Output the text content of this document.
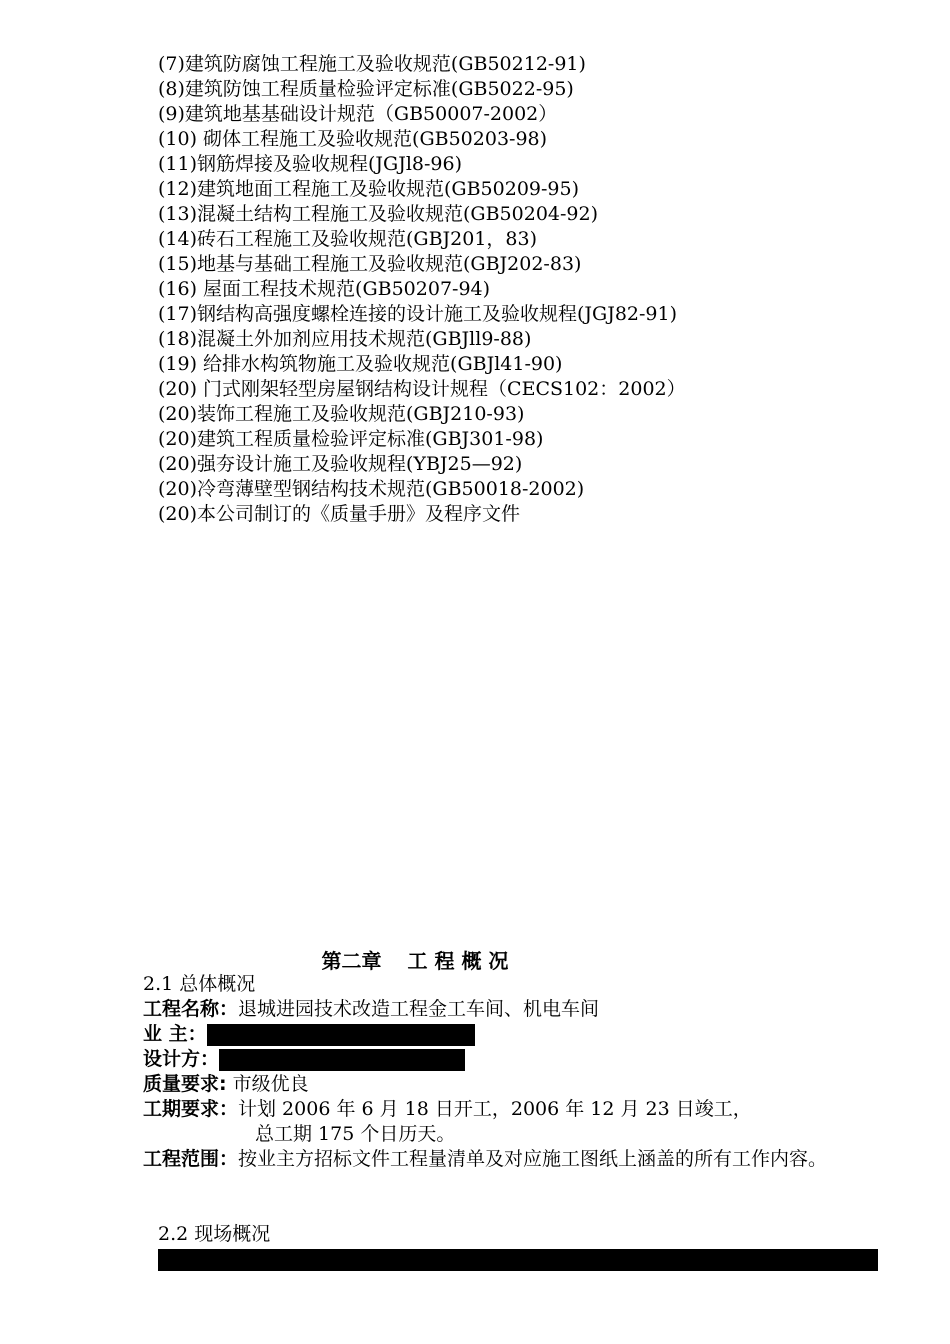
(7)建筑防腐蚀工程施工及验收规范(GB50212-91)
(8)建筑防蚀工程质量检验评定标准(GB5022-95)
(9)建筑地基基础设计规范（GB50007-2002）
(10) 砌体工程施工及验收规范(GB50203-98)
(11)钢筋焊接及验收规程(JGJl8-96)
(12)建筑地面工程施工及验收规范(GB50209-95)
(13)混凝土结构工程施工及验收规范(GB50204-92)
(14)砖石工程施工及验收规范(GBJ201，83)
(15)地基与基础工程施工及验收规范(GBJ202-83)
(16) 屋面工程技术规范(GB50207-94)
(17)钢结构高强度螺栓连接的设计施工及验收规程(JGJ82-91)
(18)混凝土外加剂应用技术规范(GBJll9-88)
(19) 给排水构筑物施工及验收规范(GBJl41-90)
(20) 门式刚架轻型房屋钢结构设计规程（CECS102：2002）
(20)装饰工程施工及验收规范(GBJ210-93)
(20)建筑工程质量检验评定标准(GBJ301-98)
(20)强夯设计施工及验收规程(YBJ25—92)
(20)冷弯薄壁型钢结构技术规范(GB50018-2002)
(20)本公司制订的《质量手册》及程序文件
第二章 工 程 概 况
2.1 总体概况
工程名称：退城进园技术改造工程金工车间、机电车间
业 主：
设计方：
质量要求: 市级优良
工期要求：计划 2006 年 6 月 18 日开工，2006 年 12 月 23 日竣工，
总工期 175 个日历天。
工程范围：按业主方招标文件工程量清单及对应施工图纸上涵盖的所有工作内容。
2.2 现场概况
